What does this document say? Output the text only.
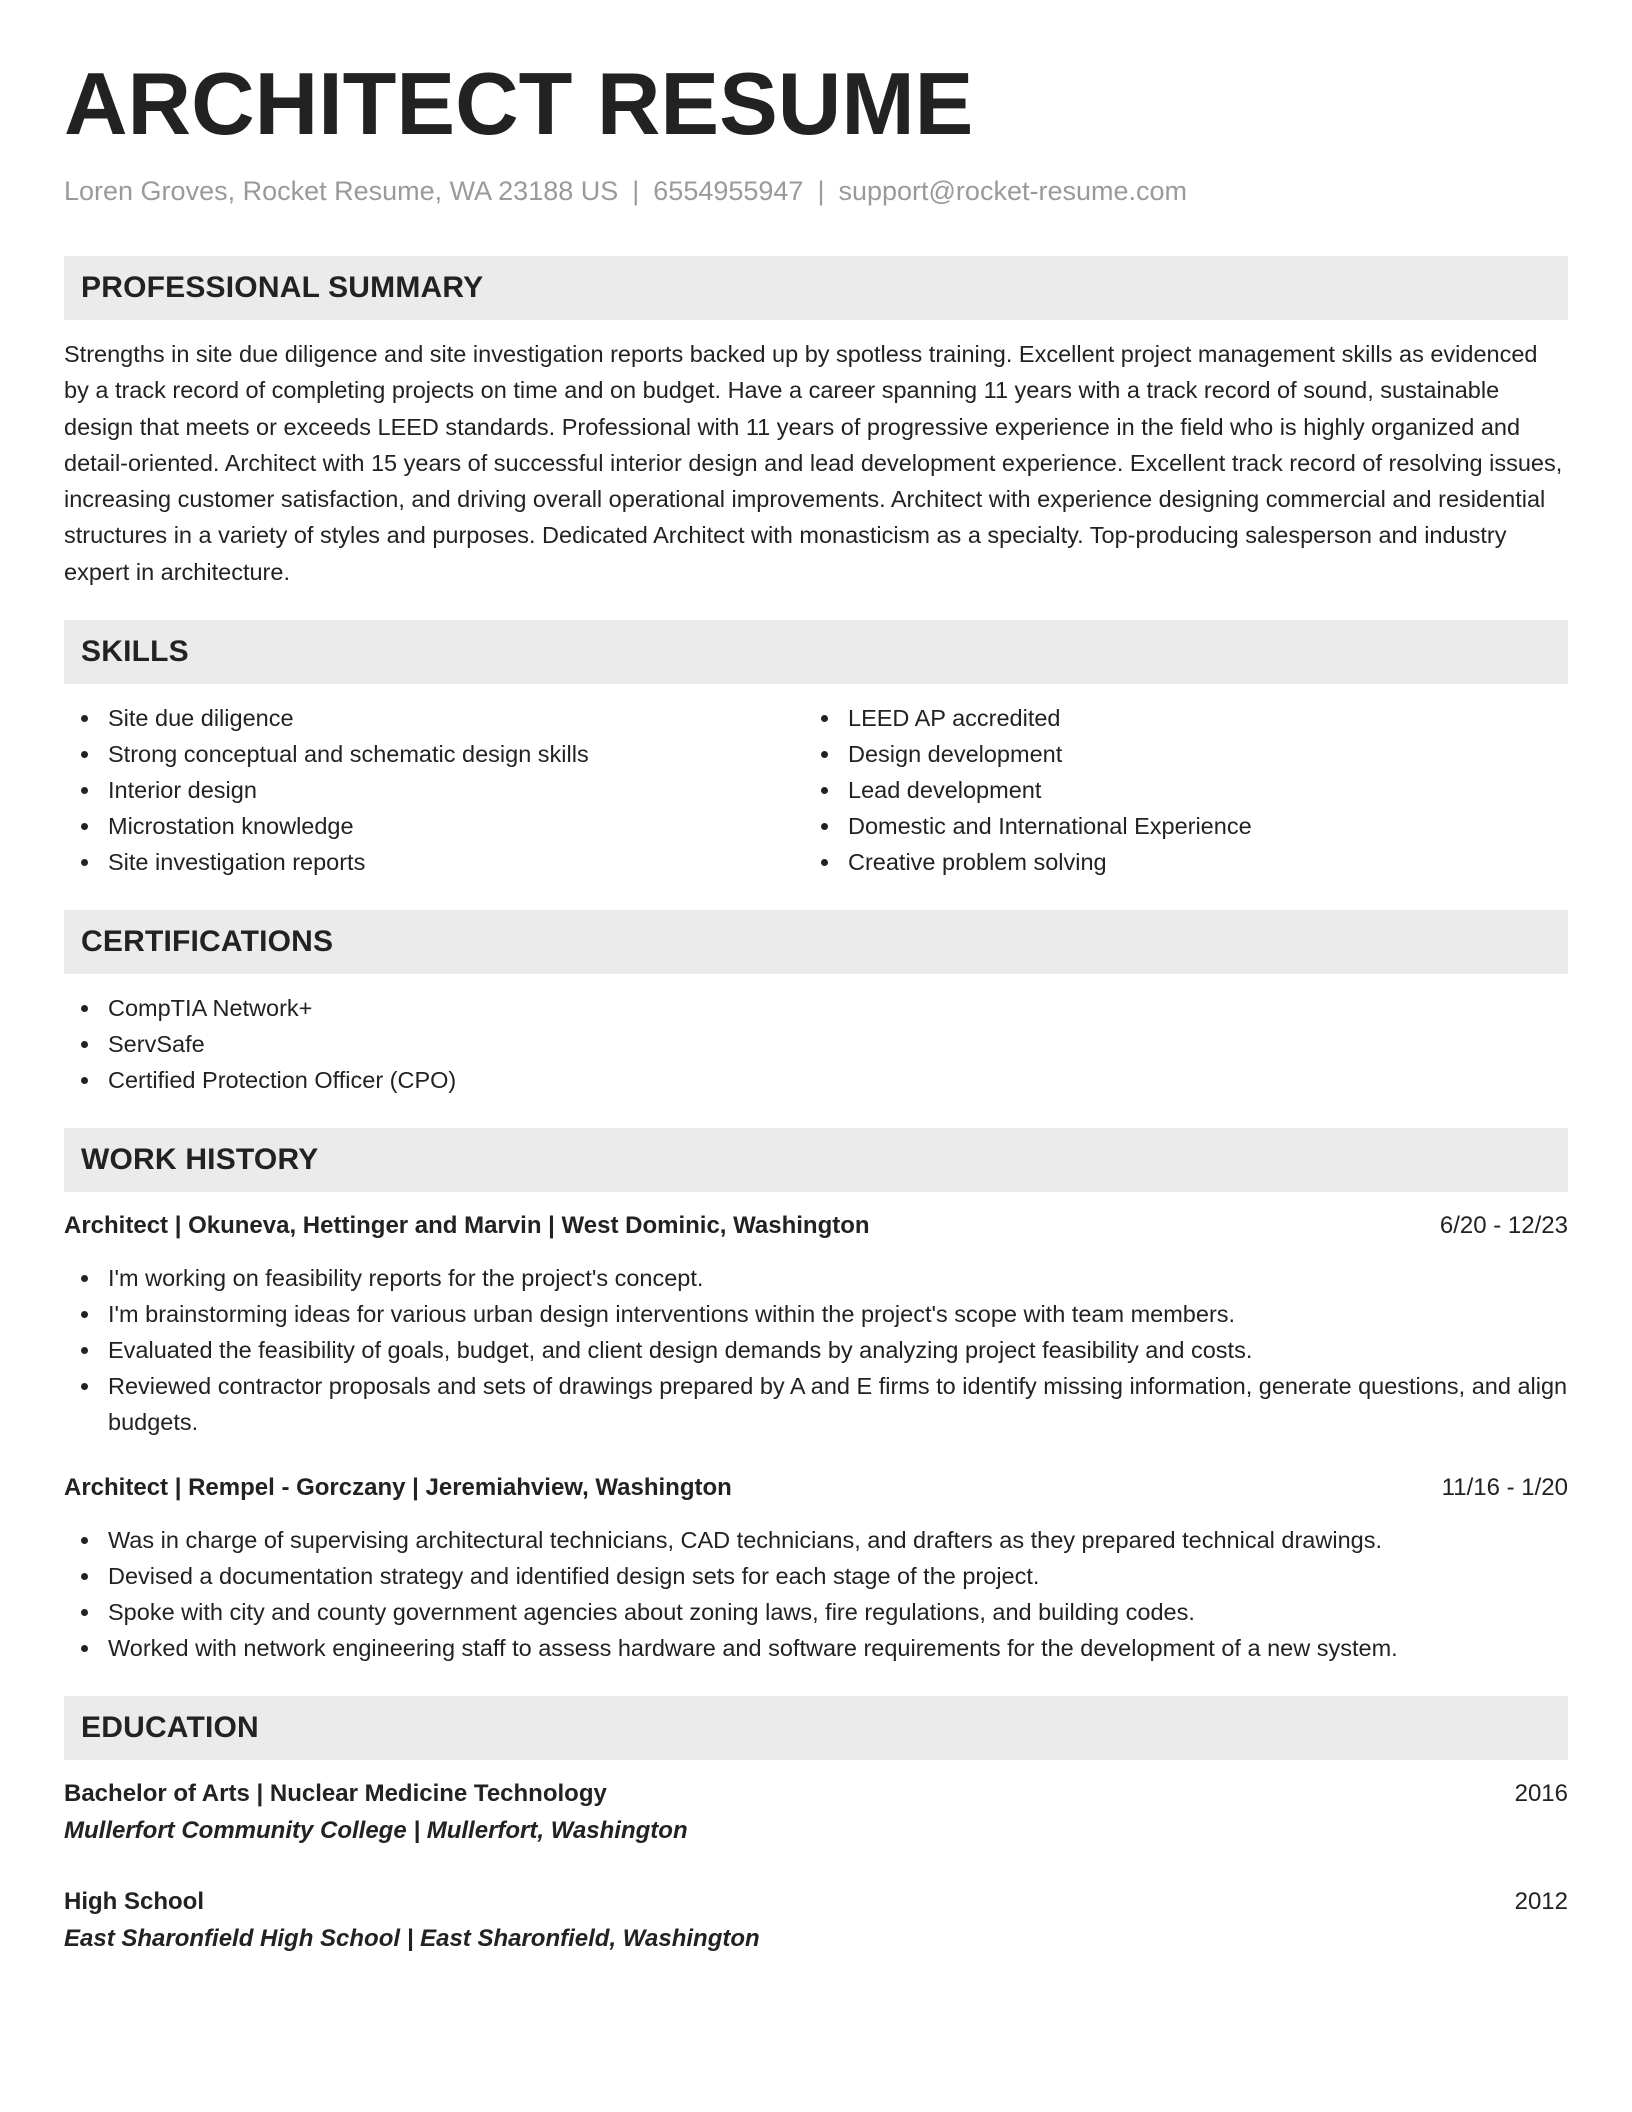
ARCHITECT RESUME
Loren Groves, Rocket Resume, WA 23188 US | 6554955947 | support@rocket-resume.com
PROFESSIONAL SUMMARY

Strengths in site due diligence and site investigation reports backed up by spotless training. Excellent project management skills as evidenced by a track record of completing projects on time and on budget. Have a career spanning 11 years with a track record of sound, sustainable design that meets or exceeds LEED standards. Professional with 11 years of progressive experience in the field who is highly organized and detail-oriented. Architect with 15 years of successful interior design and lead development experience. Excellent track record of resolving issues, increasing customer satisfaction, and driving overall operational improvements. Architect with experience designing commercial and residential structures in a variety of styles and purposes. Dedicated Architect with monasticism as a specialty. Top-producing salesperson and industry expert in architecture.

SKILLS
Site due diligence
Strong conceptual and schematic design skills
Interior design
Microstation knowledge
Site investigation reports
LEED AP accredited
Design development
Lead development
Domestic and International Experience
Creative problem solving
CERTIFICATIONS
CompTIA Network+
ServSafe
Certified Protection Officer (CPO)
WORK HISTORY
Architect | Okuneva, Hettinger and Marvin | West Dominic, Washington	6/20 - 12/23
I'm working on feasibility reports for the project's concept.
I'm brainstorming ideas for various urban design interventions within the project's scope with team members.
Evaluated the feasibility of goals, budget, and client design demands by analyzing project feasibility and costs.
Reviewed contractor proposals and sets of drawings prepared by A and E firms to identify missing information, generate questions, and align budgets.
Architect | Rempel - Gorczany | Jeremiahview, Washington	11/16 - 1/20
Was in charge of supervising architectural technicians, CAD technicians, and drafters as they prepared technical drawings.
Devised a documentation strategy and identified design sets for each stage of the project.
Spoke with city and county government agencies about zoning laws, fire regulations, and building codes.
Worked with network engineering staff to assess hardware and software requirements for the development of a new system.
EDUCATION
Bachelor of Arts | Nuclear Medicine Technology	2016
Mullerfort Community College | Mullerfort, Washington
High School	2012
East Sharonfield High School | East Sharonfield, Washington
